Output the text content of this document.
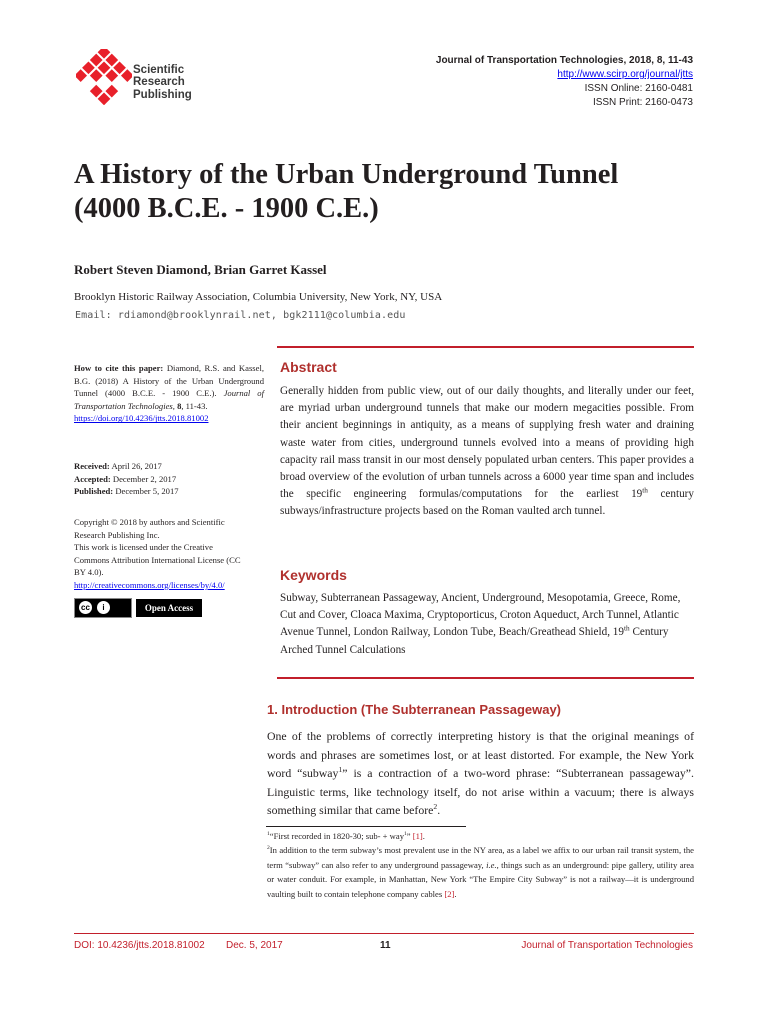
Scientific
Research
Publishing
Journal of Transportation Technologies, 2018, 8, 11-43
http://www.scirp.org/journal/jtts
ISSN Online: 2160-0481
ISSN Print: 2160-0473
A History of the Urban Underground Tunnel
(4000 B.C.E. - 1900 C.E.)
Robert Steven Diamond, Brian Garret Kassel
Brooklyn Historic Railway Association, Columbia University, New York, NY, USA
Email: rdiamond@brooklynrail.net, bgk2111@columbia.edu
How to cite this paper: Diamond, R.S. and Kassel, B.G. (2018) A History of the Urban Underground Tunnel (4000 B.C.E. - 1900 C.E.). Journal of Transportation Technologies, 8, 11-43.
https://doi.org/10.4236/jtts.2018.81002
Received: April 26, 2017
Accepted: December 2, 2017
Published: December 5, 2017
Copyright © 2018 by authors and Scientific Research Publishing Inc.
This work is licensed under the Creative Commons Attribution International License (CC BY 4.0).
http://creativecommons.org/licenses/by/4.0/
cc	i	Open Access
Abstract
Generally hidden from public view, out of our daily thoughts, and literally under our feet, are myriad urban underground tunnels that make our modern megacities possible. From their ancient beginnings in antiquity, as a means of supplying fresh water and draining waste water from cities, underground tunnels evolved into a means of providing high capacity rail mass transit in our most densely populated urban centers. This paper provides a broad overview of the evolution of urban tunnels across a 6000 year time span and includes the specific engineering formulas/computations for the earliest 19th century subways/infrastructure projects based on the Roman vaulted arch tunnel.
Keywords
Subway, Subterranean Passageway, Ancient, Underground, Mesopotamia, Greece, Rome, Cut and Cover, Cloaca Maxima, Cryptoporticus, Croton Aqueduct, Arch Tunnel, Atlantic Avenue Tunnel, London Railway, London Tube, Beach/Greathead Shield, 19th Century Arched Tunnel Calculations
1. Introduction (The Subterranean Passageway)
One of the problems of correctly interpreting history is that the original meanings of words and phrases are sometimes lost, or at least distorted. For example, the New York word “subway$^1$” is a contraction of a two-word phrase: “Subterranean passageway”. Linguistic terms, like technology itself, do not arise within a vacuum; there is always something similar that came before$^2$.
$^1$“First recorded in 1820-30; sub- + way$^1$” [1].
$^2$In addition to the term subway’s most prevalent use in the NY area, as a label we affix to our urban rail transit system, the term “subway” can also refer to any underground passageway, i.e., things such as an underground: pipe gallery, utility area or water conduit. For example, in Manhattan, New York “The Empire City Subway” is not a railway—it is underground vaulting built to contain telephone company cables [2].
DOI: 10.4236/jtts.2018.81002 Dec. 5, 2017	11	Journal of Transportation Technologies
